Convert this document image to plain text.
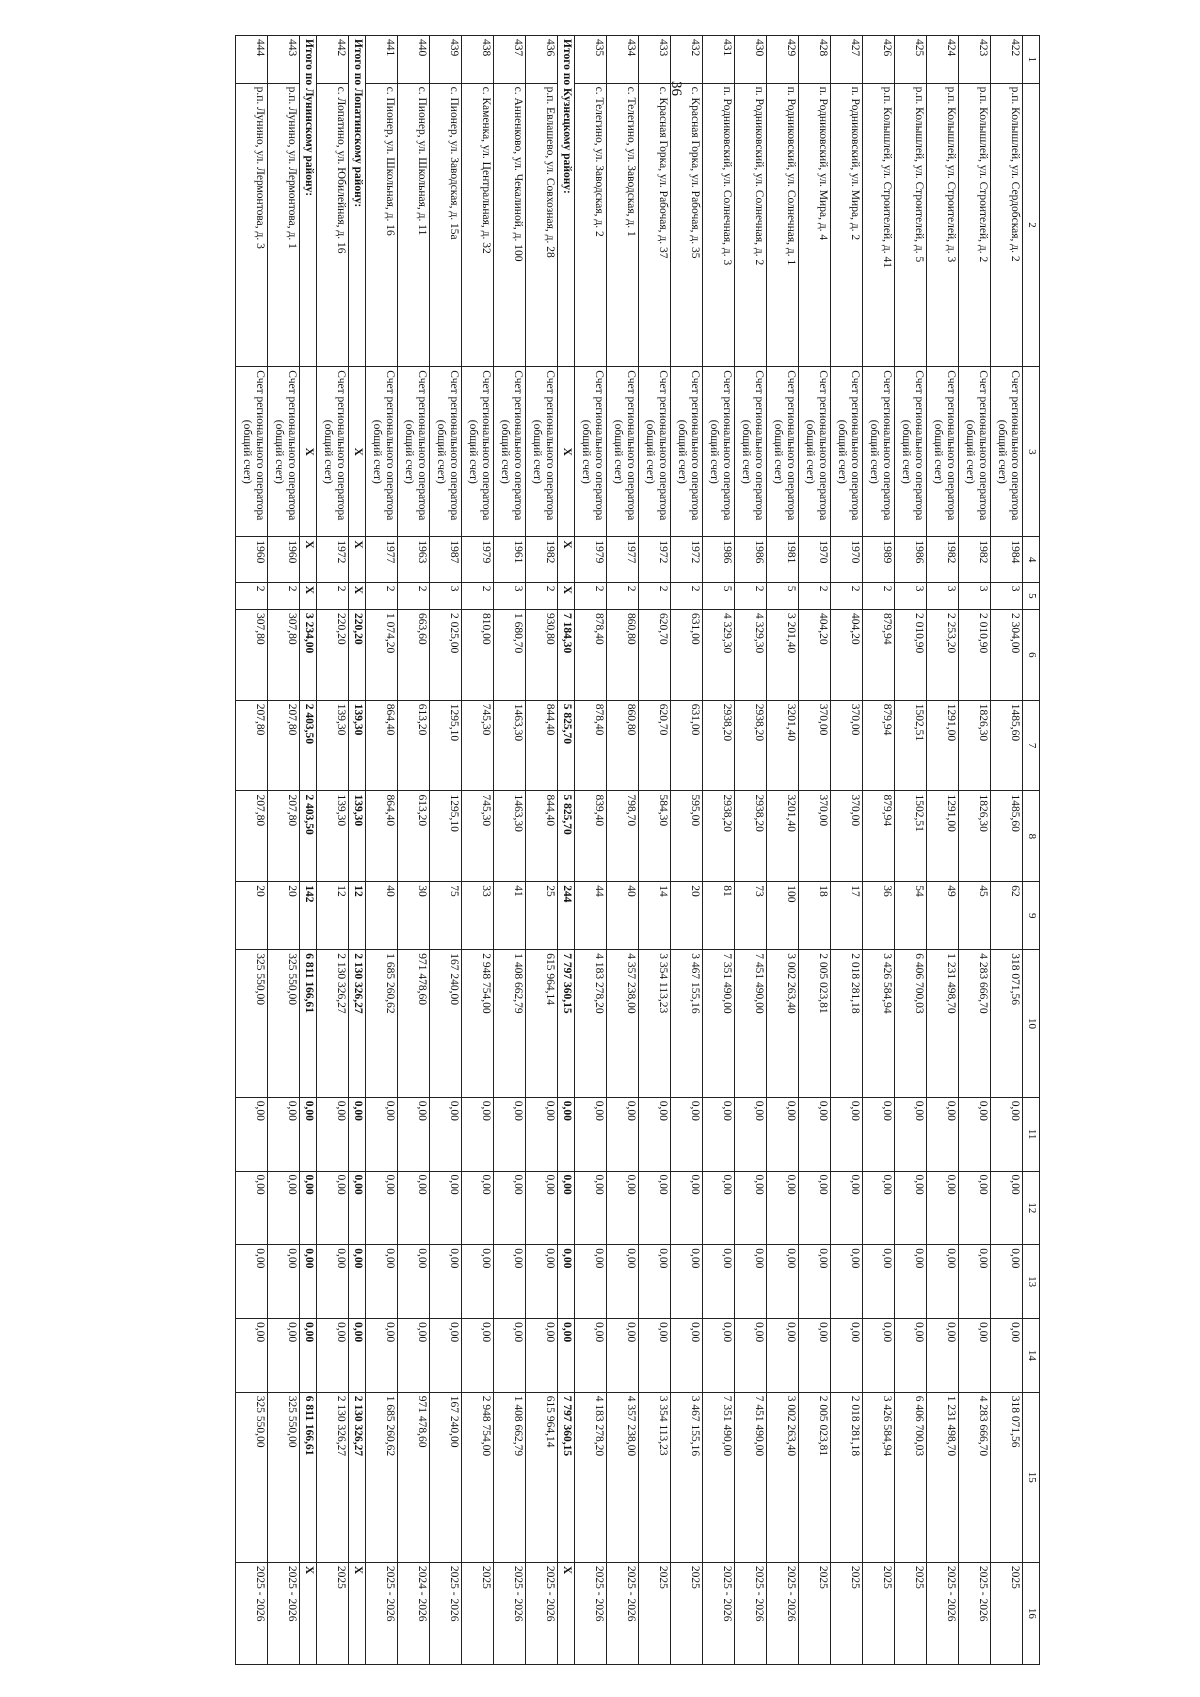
36
1	2	3	4	5	6	7	8	9	10	11	12	13	14	15	16
422	р.п. Колышлей, ул. Сердобская, д. 2	Счет регионального оператора
(общий счет)	1984	3	2 304,00	1485,60	1485,60	62	318 071,56	0,00	0,00	0,00	0,00	318 071,56	2025
423	р.п. Колышлей, ул. Строителей, д. 2	Счет регионального оператора
(общий счет)	1982	3	2 010,90	1826,30	1826,30	45	4 283 666,70	0,00	0,00	0,00	0,00	4 283 666,70	2025 - 2026
424	р.п. Колышлей, ул. Строителей, д. 3	Счет регионального оператора
(общий счет)	1982	3	2 253,20	1291,00	1291,00	49	1 231 498,70	0,00	0,00	0,00	0,00	1 231 498,70	2025 - 2026
425	р.п. Колышлей, ул. Строителей, д. 5	Счет регионального оператора
(общий счет)	1986	3	2 010,90	1502,51	1502,51	54	6 406 700,03	0,00	0,00	0,00	0,00	6 406 700,03	2025
426	р.п. Колышлей, ул. Строителей, д. 41	Счет регионального оператора
(общий счет)	1989	2	879,94	879,94	879,94	36	3 426 584,94	0,00	0,00	0,00	0,00	3 426 584,94	2025
427	п. Родниковский, ул. Мира, д. 2	Счет регионального оператора
(общий счет)	1970	2	404,20	370,00	370,00	17	2 018 281,18	0,00	0,00	0,00	0,00	2 018 281,18	2025
428	п. Родниковский, ул. Мира, д. 4	Счет регионального оператора
(общий счет)	1970	2	404,20	370,00	370,00	18	2 005 023,81	0,00	0,00	0,00	0,00	2 005 023,81	2025
429	п. Родниковский, ул. Солнечная, д. 1	Счет регионального оператора
(общий счет)	1981	5	3 201,40	3201,40	3201,40	100	3 002 263,40	0,00	0,00	0,00	0,00	3 002 263,40	2025 - 2026
430	п. Родниковский, ул. Солнечная, д. 2	Счет регионального оператора
(общий счет)	1986	2	4 329,30	2938,20	2938,20	73	7 451 490,00	0,00	0,00	0,00	0,00	7 451 490,00	2025 - 2026
431	п. Родниковский, ул. Солнечная, д. 3	Счет регионального оператора
(общий счет)	1986	5	4 329,30	2938,20	2938,20	81	7 351 490,00	0,00	0,00	0,00	0,00	7 351 490,00	2025 - 2026
432	с. Красная Горка, ул. Рабочая, д. 35	Счет регионального оператора
(общий счет)	1972	2	631,00	631,00	595,00	20	3 467 155,16	0,00	0,00	0,00	0,00	3 467 155,16	2025
433	с. Красная Горка, ул. Рабочая, д. 37	Счет регионального оператора
(общий счет)	1972	2	620,70	620,70	584,30	14	3 354 113,23	0,00	0,00	0,00	0,00	3 354 113,23	2025
434	с. Телегино, ул. Заводская, д. 1	Счет регионального оператора
(общий счет)	1977	2	860,80	860,80	798,70	40	4 357 238,00	0,00	0,00	0,00	0,00	4 357 238,00	2025 - 2026
435	с. Телегино, ул. Заводская, д. 2	Счет регионального оператора
(общий счет)	1979	2	878,40	878,40	839,40	44	4 183 278,20	0,00	0,00	0,00	0,00	4 183 278,20	2025 - 2026
Итого по Кузнецкому району:		X	X	X	7 184,30	5 825,70	5 825,70	244	7 797 360,15	0,00	0,00	0,00	0,00	7 797 360,15	X
436	р.п. Евлашево, ул. Совхозная, д. 28	Счет регионального оператора
(общий счет)	1982	2	930,80	844,40	844,40	25	615 964,14	0,00	0,00	0,00	0,00	615 964,14	2025 - 2026
437	с. Анненково, ул. Чекалиной, д. 100	Счет регионального оператора
(общий счет)	1961	3	1 680,70	1463,30	1463,30	41	1 408 662,79	0,00	0,00	0,00	0,00	1 408 662,79	2025 - 2026
438	с. Каменка, ул. Центральная, д. 32	Счет регионального оператора
(общий счет)	1979	2	810,00	745,30	745,30	33	2 948 754,00	0,00	0,00	0,00	0,00	2 948 754,00	2025
439	с. Пионер, ул. Заводская, д. 15а	Счет регионального оператора
(общий счет)	1987	3	2 025,00	1295,10	1295,10	75	167 240,00	0,00	0,00	0,00	0,00	167 240,00	2025 - 2026
440	с. Пионер, ул. Школьная, д. 11	Счет регионального оператора
(общий счет)	1963	2	663,60	613,20	613,20	30	971 478,60	0,00	0,00	0,00	0,00	971 478,60	2024 - 2026
441	с. Пионер, ул. Школьная, д. 16	Счет регионального оператора
(общий счет)	1977	2	1 074,20	864,40	864,40	40	1 685 260,62	0,00	0,00	0,00	0,00	1 685 260,62	2025 - 2026
Итого по Лопатинскому району:		X	X	X	220,20	139,30	139,30	12	2 130 326,27	0,00	0,00	0,00	0,00	2 130 326,27	X
442	с. Лопатино, ул. Юбилейная, д. 16	Счет регионального оператора
(общий счет)	1972	2	220,20	139,30	139,30	12	2 130 326,27	0,00	0,00	0,00	0,00	2 130 326,27	2025
Итого по Лунинскому району:		X	X	X	3 234,00	2 403,50	2 403,50	142	6 811 166,61	0,00	0,00	0,00	0,00	6 811 166,61	X
443	р.п. Лунино, ул. Лермонтова, д. 1	Счет регионального оператора
(общий счет)	1960	2	307,80	207,80	207,80	20	325 550,00	0,00	0,00	0,00	0,00	325 550,00	2025 - 2026
444	р.п. Лунино, ул. Лермонтова, д. 3	Счет регионального оператора
(общий счет)	1960	2	307,80	207,80	207,80	20	325 550,00	0,00	0,00	0,00	0,00	325 550,00	2025 - 2026
